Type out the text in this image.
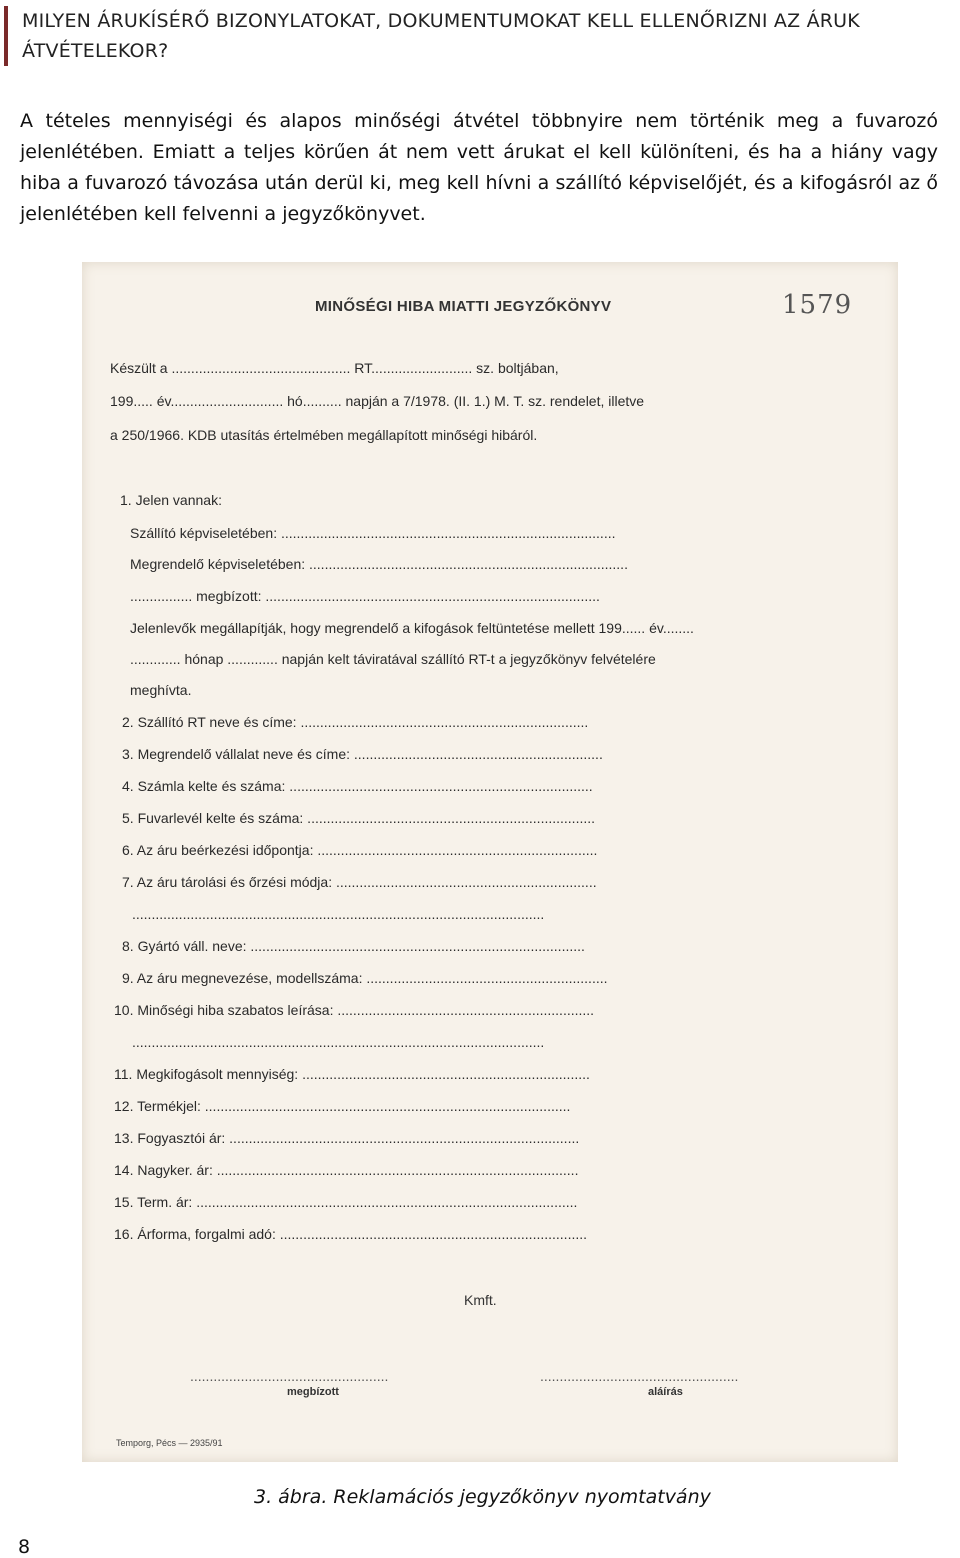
MILYEN ÁRUKÍSÉRŐ BIZONYLATOKAT, DOKUMENTUMOKAT KELL ELLENŐRIZNI AZ ÁRUK ÁTVÉTELEKOR?
A tételes mennyiségi és alapos minőségi átvétel többnyire nem történik meg a fuvarozó jelenlétében. Emiatt a teljes körűen át nem vett árukat el kell különíteni, és ha a hiány vagy hiba a fuvarozó távozása után derül ki, meg kell hívni a szállító képviselőjét, és a kifogásról az ő jelenlétében kell felvenni a jegyzőkönyvet.
MINŐSÉGI HIBA MIATTI JEGYZŐKÖNYV	1579
Készült a .............................................. RT.......................... sz. boltjában,
199..... év............................. hó.......... napján a 7/1978. (II. 1.) M. T. sz. rendelet, illetve
a 250/1966. KDB utasítás értelmében megállapított minőségi hibáról.
1. Jelen vannak:
Szállító képviseletében: ......................................................................................
Megrendelő képviseletében: ..................................................................................
................ megbízott: ......................................................................................
Jelenlevők megállapítják, hogy megrendelő a kifogások feltüntetése mellett 199...... év........
............. hónap ............. napján kelt táviratával szállító RT-t a jegyzőkönyv felvételére
meghívta.
2. Szállító RT neve és címe: ..........................................................................
3. Megrendelő vállalat neve és címe: ................................................................
4. Számla kelte és száma: ..............................................................................
5. Fuvarlevél kelte és száma: ..........................................................................
6. Az áru beérkezési időpontja: ........................................................................
7. Az áru tárolási és őrzési módja: ...................................................................
..........................................................................................................
8. Gyártó váll. neve: ......................................................................................
9. Az áru megnevezése, modellszáma: ..............................................................
10. Minőségi hiba szabatos leírása: ..................................................................
..........................................................................................................
11. Megkifogásolt mennyiség: ..........................................................................
12. Termékjel: ..............................................................................................
13. Fogyasztói ár: ..........................................................................................
14. Nagyker. ár: .............................................................................................
15. Term. ár: ..................................................................................................
16. Árforma, forgalmi adó: ...............................................................................
Kmft.
...................................................	...................................................
megbízott	aláírás
Temporg, Pécs — 2935/91
3. ábra. Reklamációs jegyzőkönyv nyomtatvány
8
